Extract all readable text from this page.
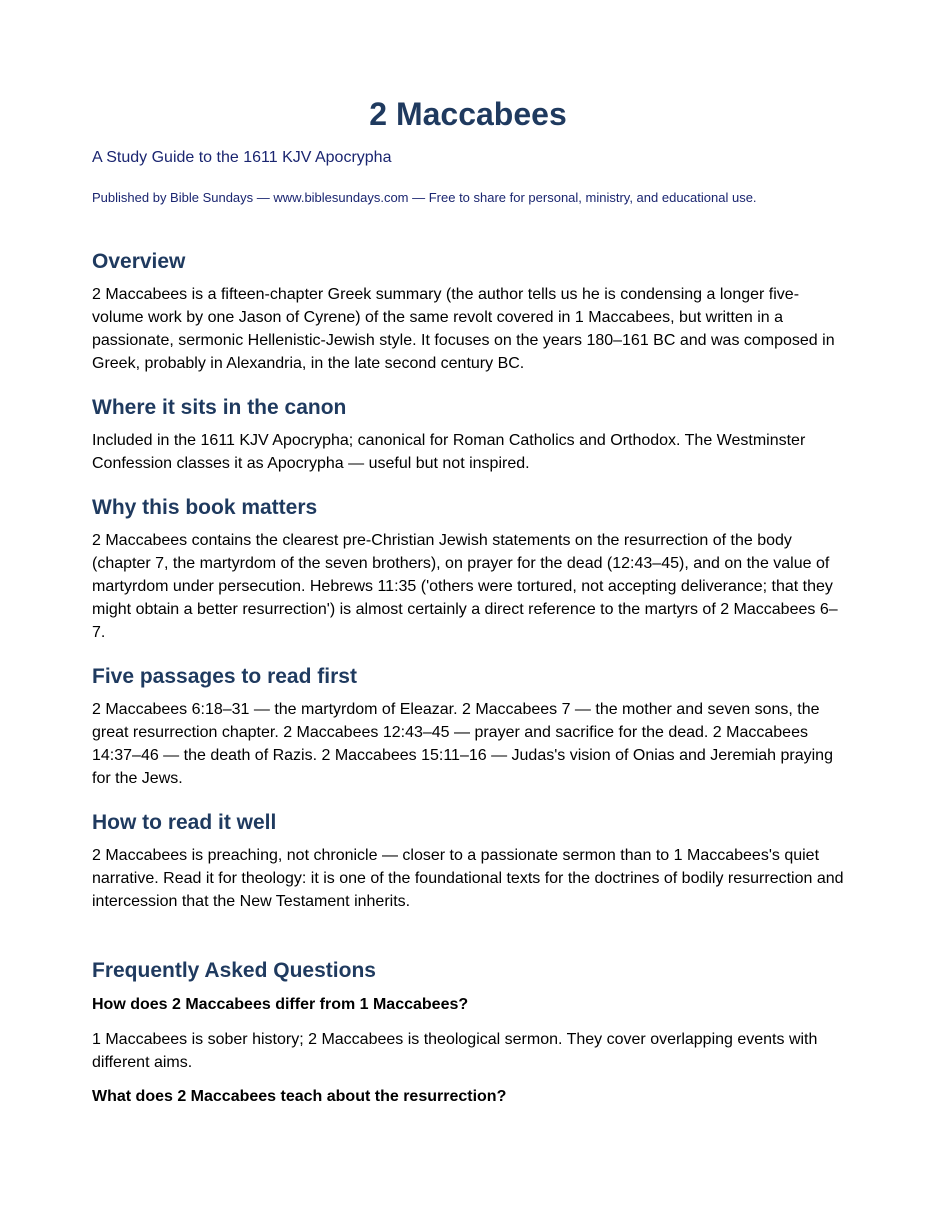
2 Maccabees

A Study Guide to the 1611 KJV Apocrypha

Published by Bible Sundays — www.biblesundays.com — Free to share for personal, ministry, and educational use.

Overview

2 Maccabees is a fifteen-chapter Greek summary (the author tells us he is condensing a longer five-volume work by one Jason of Cyrene) of the same revolt covered in 1 Maccabees, but written in a passionate, sermonic Hellenistic-Jewish style. It focuses on the years 180–161 BC and was composed in Greek, probably in Alexandria, in the late second century BC.

Where it sits in the canon

Included in the 1611 KJV Apocrypha; canonical for Roman Catholics and Orthodox. The Westminster Confession classes it as Apocrypha — useful but not inspired.

Why this book matters

2 Maccabees contains the clearest pre-Christian Jewish statements on the resurrection of the body (chapter 7, the martyrdom of the seven brothers), on prayer for the dead (12:43–45), and on the value of martyrdom under persecution. Hebrews 11:35 ('others were tortured, not accepting deliverance; that they might obtain a better resurrection') is almost certainly a direct reference to the martyrs of 2 Maccabees 6–7.

Five passages to read first

2 Maccabees 6:18–31 — the martyrdom of Eleazar. 2 Maccabees 7 — the mother and seven sons, the great resurrection chapter. 2 Maccabees 12:43–45 — prayer and sacrifice for the dead. 2 Maccabees 14:37–46 — the death of Razis. 2 Maccabees 15:11–16 — Judas's vision of Onias and Jeremiah praying for the Jews.

How to read it well

2 Maccabees is preaching, not chronicle — closer to a passionate sermon than to 1 Maccabees's quiet narrative. Read it for theology: it is one of the foundational texts for the doctrines of bodily resurrection and intercession that the New Testament inherits.

Frequently Asked Questions

How does 2 Maccabees differ from 1 Maccabees?

1 Maccabees is sober history; 2 Maccabees is theological sermon. They cover overlapping events with different aims.

What does 2 Maccabees teach about the resurrection?
